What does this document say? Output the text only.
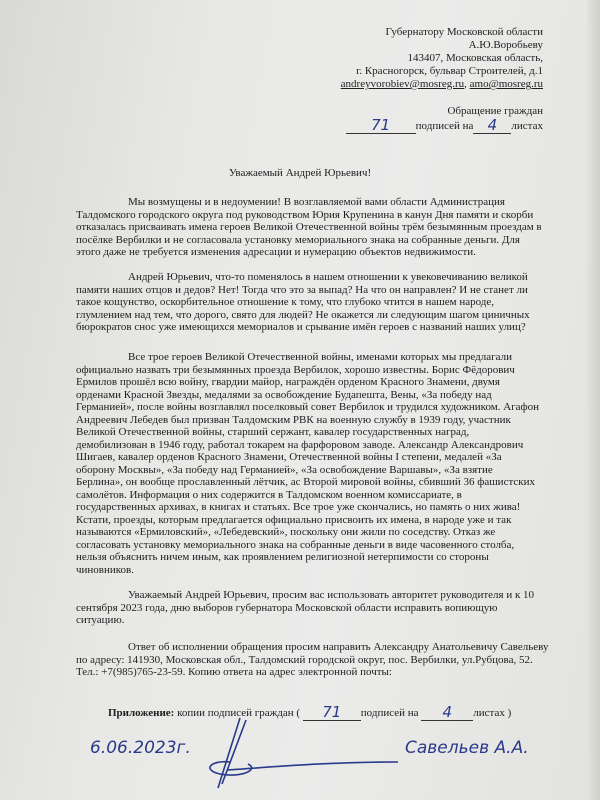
Губернатору Московской области
А.Ю.Воробьеву
143407, Московская область,
г. Красногорск, бульвар Строителей, д.1
andreyvorobiev@mosreg.ru, amo@mosreg.ru
Обращение граждан
71	подписей на 4	листах
Уважаемый Андрей Юрьевич!
Мы возмущены и в недоумении! В возглавляемой вами области Администрация
Талдомского городского округа под руководством Юрия Крупенина в канун Дня памяти и скорби
отказалась присваивать имена героев Великой Отечественной войны трём безымянным проездам в
посёлке Вербилки и не согласовала установку мемориального знака на собранные деньги. Для
этого даже не требуется изменения адресации и нумерацию объектов недвижимости.
Андрей Юрьевич, что-то поменялось в нашем отношении к увековечиванию великой
памяти наших отцов и дедов? Нет! Тогда что это за выпад? На что он направлен? И не станет ли
такое кощунство, оскорбительное отношение к тому, что глубоко чтится в нашем народе,
глумлением над тем, что дорого, свято для людей? Не окажется ли следующим шагом циничных
бюрократов снос уже имеющихся мемориалов и срывание имён героев с названий наших улиц?
Все трое героев Великой Отечественной войны, именами которых мы предлагали
официально назвать три безымянных проезда Вербилок, хорошо известны. Борис Фёдорович
Ермилов прошёл всю войну, гвардии майор, награждён орденом Красного Знамени, двумя
орденами Красной Звезды, медалями за освобождение Будапешта, Вены, «За победу над
Германией», после войны возглавлял поселковый совет Вербилок и трудился художником. Агафон
Андреевич Лебедев был призван Талдомским РВК на военную службу в 1939 году, участник
Великой Отечественной войны, старший сержант, кавалер государственных наград,
демобилизован в 1946 году, работал токарем на фарфоровом заводе. Александр Александрович
Шигаев, кавалер орденов Красного Знамени, Отечественной войны I степени, медалей «За
оборону Москвы», «За победу над Германией», «За освобождение Варшавы», «За взятие
Берлина», он вообще прославленный лётчик, ас Второй мировой войны, сбивший 36 фашистских
самолётов. Информация о них содержится в Талдомском военном комиссариате, в
государственных архивах, в книгах и статьях. Все трое уже скончались, но память о них жива!
Кстати, проезды, которым предлагается официально присвоить их имена, в народе уже и так
называются «Ермиловский», «Лебедевский», поскольку они жили по соседству. Отказ же
согласовать установку мемориального знака на собранные деньги в виде часовенного столба,
нельзя объяснить ничем иным, как проявлением религиозной нетерпимости со стороны
чиновников.
Уважаемый Андрей Юрьевич, просим вас использовать авторитет руководителя и к 10
сентября 2023 года, дню выборов губернатора Московской области исправить вопиющую
ситуацию.
Ответ об исполнении обращения просим направить Александру Анатольевичу Савельеву
по адресу: 141930, Московская обл., Талдомский городской округ, пос. Вербилки, ул.Рубцова, 52.
Тел.: +7(985)765-23-59. Копию ответа на адрес электронной почты:
Приложение: копии подписей граждан (	71	подписей на	4	листах )
6.06.2023г.	Савельев А.А.
